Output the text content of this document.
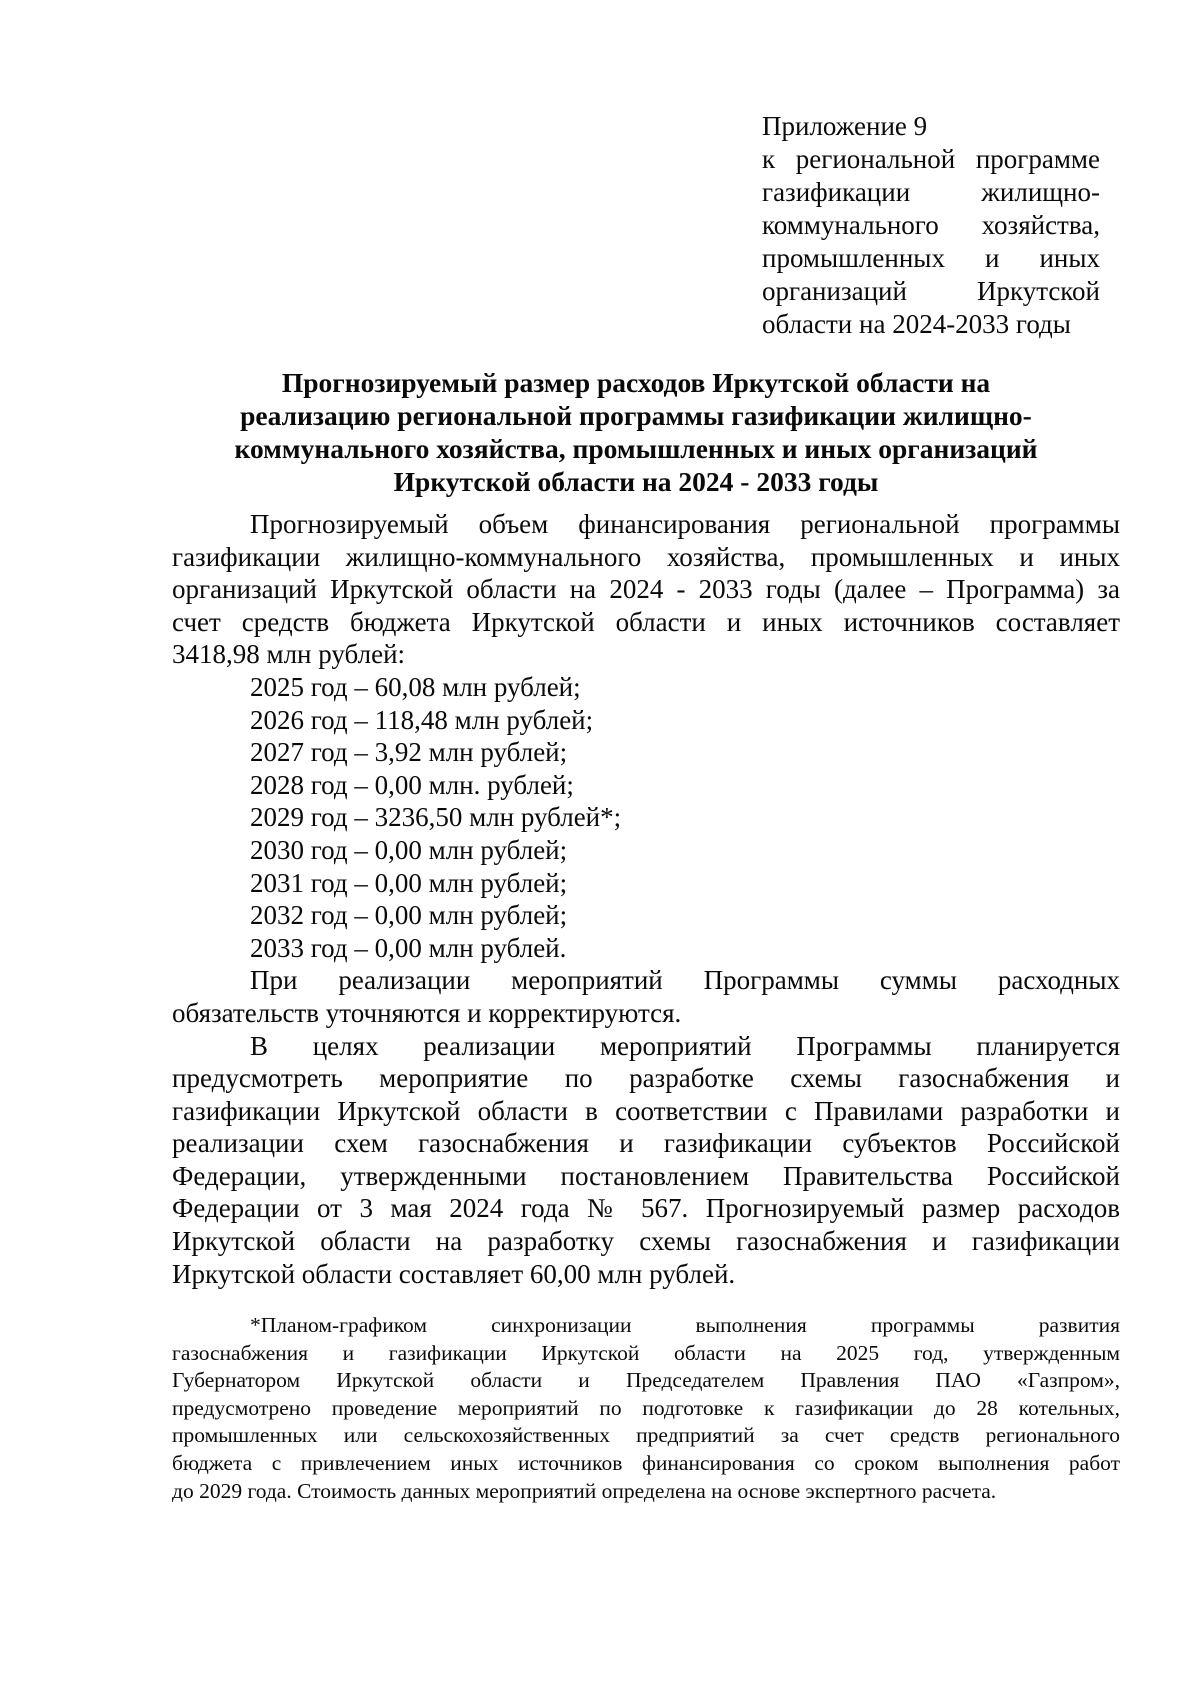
Приложение 9
к региональной программе
газификации жилищно-
коммунального хозяйства,
промышленных и иных
организаций Иркутской
области на 2024-2033 годы
Прогнозируемый размер расходов Иркутской области на
реализацию региональной программы газификации жилищно-
коммунального хозяйства, промышленных и иных организаций
Иркутской области на 2024 - 2033 годы
Прогнозируемый объем финансирования региональной программы
газификации жилищно-коммунального хозяйства, промышленных и иных
организаций Иркутской области на 2024 - 2033 годы (далее – Программа) за
счет средств бюджета Иркутской области и иных источников составляет
3418,98 млн рублей:
2025 год – 60,08 млн рублей;
2026 год – 118,48 млн рублей;
2027 год – 3,92 млн рублей;
2028 год – 0,00 млн. рублей;
2029 год – 3236,50 млн рублей*;
2030 год – 0,00 млн рублей;
2031 год – 0,00 млн рублей;
2032 год – 0,00 млн рублей;
2033 год – 0,00 млн рублей.
При реализации мероприятий Программы суммы расходных
обязательств уточняются и корректируются.
В целях реализации мероприятий Программы планируется
предусмотреть мероприятие по разработке схемы газоснабжения и
газификации Иркутской области в соответствии с Правилами разработки и
реализации схем газоснабжения и газификации субъектов Российской
Федерации, утвержденными постановлением Правительства Российской
Федерации от 3 мая 2024 года № 567. Прогнозируемый размер расходов
Иркутской области на разработку схемы газоснабжения и газификации
Иркутской области составляет 60,00 млн рублей.
*Планом-графиком синхронизации выполнения программы развития
газоснабжения и газификации Иркутской области на 2025 год, утвержденным
Губернатором Иркутской области и Председателем Правления ПАО «Газпром»,
предусмотрено проведение мероприятий по подготовке к газификации до 28 котельных,
промышленных или сельскохозяйственных предприятий за счет средств регионального
бюджета с привлечением иных источников финансирования со сроком выполнения работ
до 2029 года. Стоимость данных мероприятий определена на основе экспертного расчета.
